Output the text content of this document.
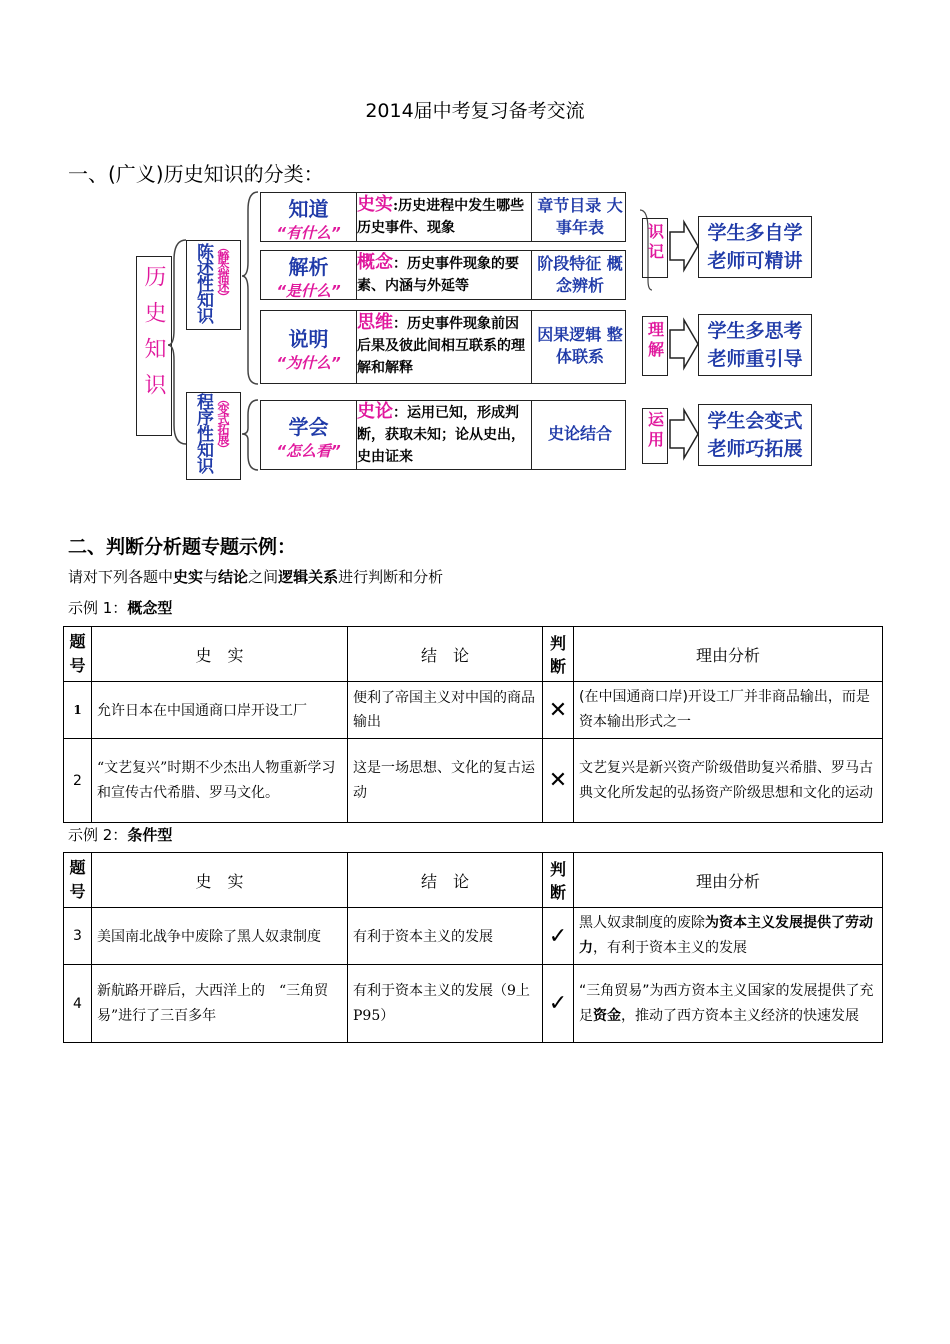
2014届中考复习备考交流
一、(广义)历史知识的分类：
历史知识 陈述性知识 （静态描述）
程序性知识 （变式拓展）
知道
“有什么”
史实:历史进程中发生哪些历史事件、现象
章节目录 大事年表
解析
“是什么”
概念：历史事件现象的要素、内涵与外延等
阶段特征 概念辨析
说明
“为什么”
思维：历史事件现象前因后果及彼此间相互联系的理解和解释
因果逻辑 整体联系
学会
“怎么看”
史论：运用已知，形成判断，获取未知；论从史出，史由证来
史论结合
识记
理解
运用
学生多自学
老师可精讲
学生多思考
老师重引导
学生会变式
老师巧拓展
二、判断分析题专题示例：
请对下列各题中史实与结论之间逻辑关系进行判断和分析
示例 1：概念型
题号	史　实	结　论	判断	理由分析
1	允许日本在中国通商口岸开设工厂	便利了帝国主义对中国的商品输出	✕	(在中国通商口岸)开设工厂并非商品输出，而是资本输出形式之一
2	“文艺复兴”时期不少杰出人物重新学习和宣传古代希腊、罗马文化。	这是一场思想、文化的复古运动	✕	文艺复兴是新兴资产阶级借助复兴希腊、罗马古典文化所发起的弘扬资产阶级思想和文化的运动
示例 2：条件型
题号	史　实	结　论	判断	理由分析
3	美国南北战争中废除了黑人奴隶制度	有利于资本主义的发展	✓	黑人奴隶制度的废除为资本主义发展提供了劳动力，有利于资本主义的发展
4	新航路开辟后，大西洋上的　“三角贸易”进行了三百多年	有利于资本主义的发展（9上 P95）	✓	“三角贸易”为西方资本主义国家的发展提供了充足资金，推动了西方资本主义经济的快速发展
